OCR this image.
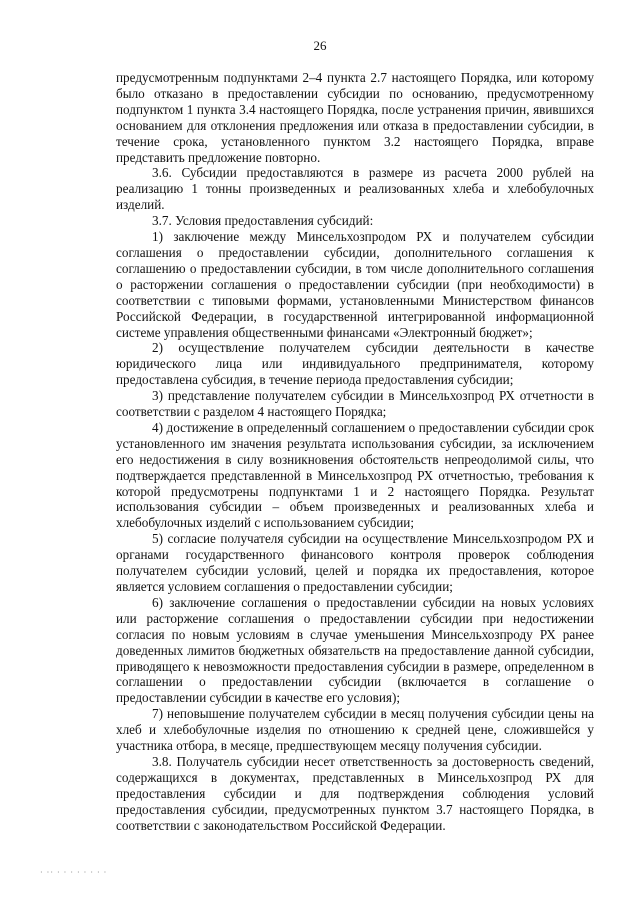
26

предусмотренным подпунктами 2–4 пункта 2.7 настоящего Порядка, или которому было отказано в предоставлении субсидии по основанию, предусмотренному подпунктом 1 пункта 3.4 настоящего Порядка, после устранения причин, явившихся основанием для отклонения предложения или отказа в предоставлении субсидии, в течение срока, установленного пунктом 3.2 настоящего Порядка, вправе представить предложение повторно.

3.6. Субсидии предоставляются в размере из расчета 2000 рублей на реализацию 1 тонны произведенных и реализованных хлеба и хлебобулочных изделий.

3.7. Условия предоставления субсидий:

1) заключение между Минсельхозпродом РХ и получателем субсидии соглашения о предоставлении субсидии, дополнительного соглашения к соглашению о предоставлении субсидии, в том числе дополнительного соглашения о расторжении соглашения о предоставлении субсидии (при необходимости) в соответствии с типовыми формами, установленными Министерством финансов Российской Федерации, в государственной интегрированной информационной системе управления общественными финансами «Электронный бюджет»;

2) осуществление получателем субсидии деятельности в качестве юридического лица или индивидуального предпринимателя, которому предоставлена субсидия, в течение периода предоставления субсидии;

3) представление получателем субсидии в Минсельхозпрод РХ отчетности в соответствии с разделом 4 настоящего Порядка;

4) достижение в определенный соглашением о предоставлении субсидии срок установленного им значения результата использования субсидии, за исключением его недостижения в силу возникновения обстоятельств непреодолимой силы, что подтверждается представленной в Минсельхозпрод РХ отчетностью, требования к которой предусмотрены подпунктами 1 и 2 настоящего Порядка. Результат использования субсидии – объем произведенных и реализованных хлеба и хлебобулочных изделий с использованием субсидии;

5) согласие получателя субсидии на осуществление Минсельхозпродом РХ и органами государственного финансового контроля проверок соблюдения получателем субсидии условий, целей и порядка их предоставления, которое является условием соглашения о предоставлении субсидии;

6) заключение соглашения о предоставлении субсидии на новых условиях или расторжение соглашения о предоставлении субсидии при недостижении согласия по новым условиям в случае уменьшения Минсельхозпроду РХ ранее доведенных лимитов бюджетных обязательств на предоставление данной субсидии, приводящего к невозможности предоставления субсидии в размере, определенном в соглашении о предоставлении субсидии (включается в соглашение о предоставлении субсидии в качестве его условия);

7) неповышение получателем субсидии в месяц получения субсидии цены на хлеб и хлебобулочные изделия по отношению к средней цене, сложившейся у участника отбора, в месяце, предшествующем месяцу получения субсидии.

3.8. Получатель субсидии несет ответственность за достоверность сведений, содержащихся в документах, представленных в Минсельхозпрод РХ для предоставления субсидии и для подтверждения соблюдения условий предоставления субсидии, предусмотренных пунктом 3.7 настоящего Порядка, в соответствии с законодательством Российской Федерации.

· ·· · · · · · · · ·
